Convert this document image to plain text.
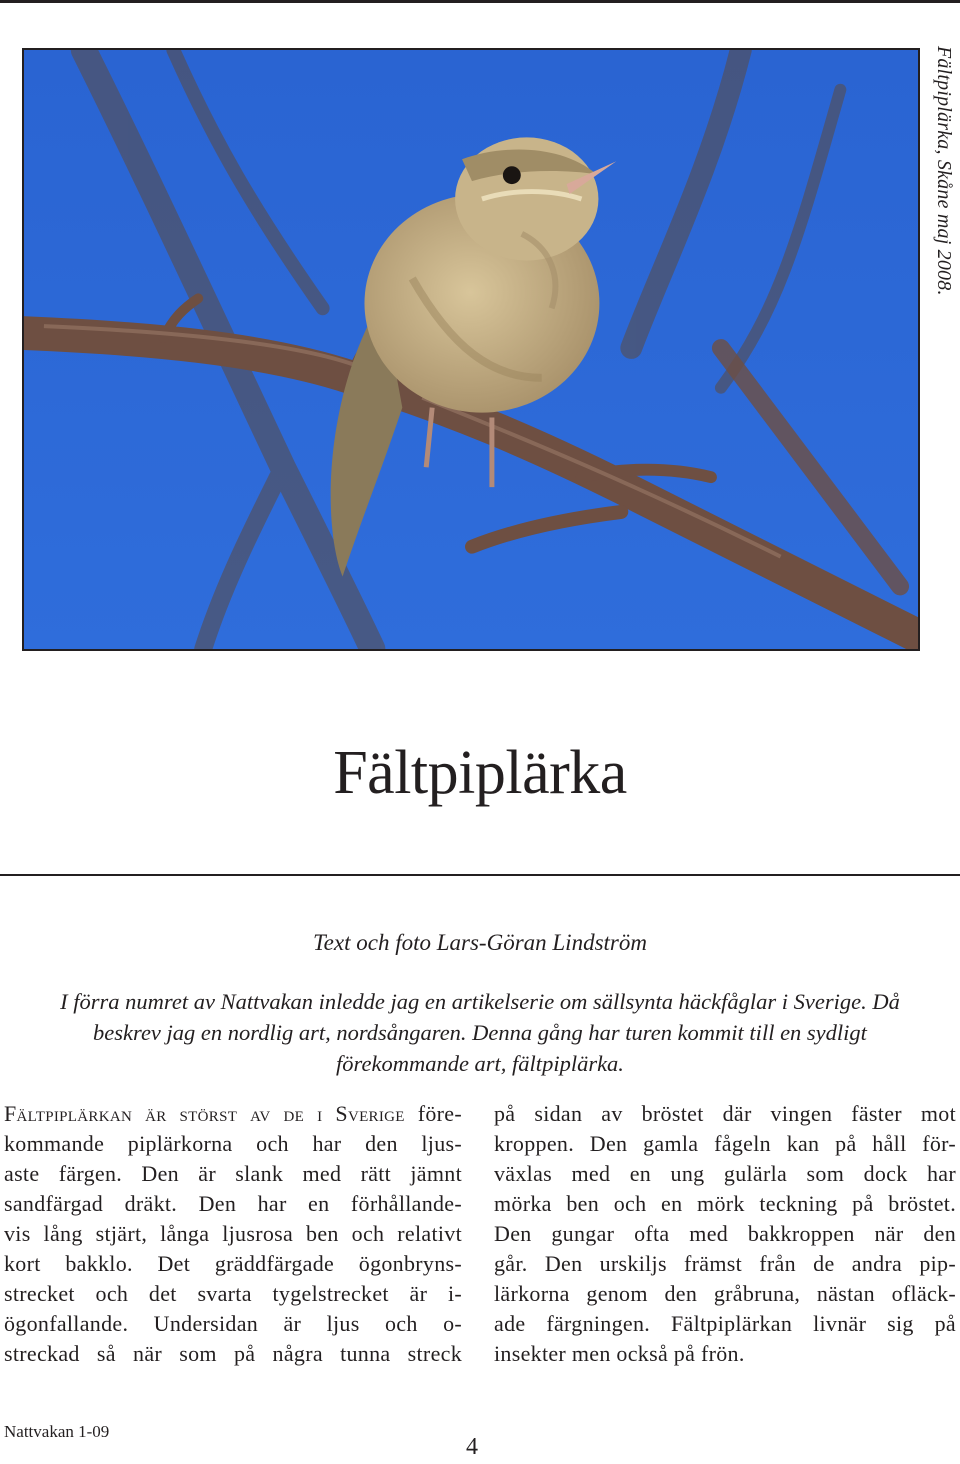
Fältpiplärka, Skåne maj 2008.
Fältpiplärka
Text och foto Lars-Göran Lindström
I förra numret av Nattvakan inledde jag en artikelserie om sällsynta häckfåglar i Sverige. Då
beskrev jag en nordlig art, nordsångaren. Denna gång har turen kommit till en sydligt
förekommande art, fältpiplärka.

Fältpiplärkan är störst av de i Sverige före-
kommande piplärkorna och har den ljus-
aste färgen. Den är slank med rätt jämnt
sandfärgad dräkt. Den har en förhållande-
vis lång stjärt, långa ljusrosa ben och relativt
kort bakklo. Det gräddfärgade ögonbryns-
strecket och det svarta tygelstrecket är i-
ögonfallande. Undersidan är ljus och o-
streckad så när som på några tunna streck

på sidan av bröstet där vingen fäster mot
kroppen. Den gamla fågeln kan på håll för-
växlas med en ung gulärla som dock har
mörka ben och en mörk teckning på bröstet.
Den gungar ofta med bakkroppen när den
går. Den urskiljs främst från de andra pip-
lärkorna genom den gråbruna, nästan ofläck-
ade färgningen. Fältpiplärkan livnär sig på
insekter men också på frön.

Nattvakan 1-09
4
